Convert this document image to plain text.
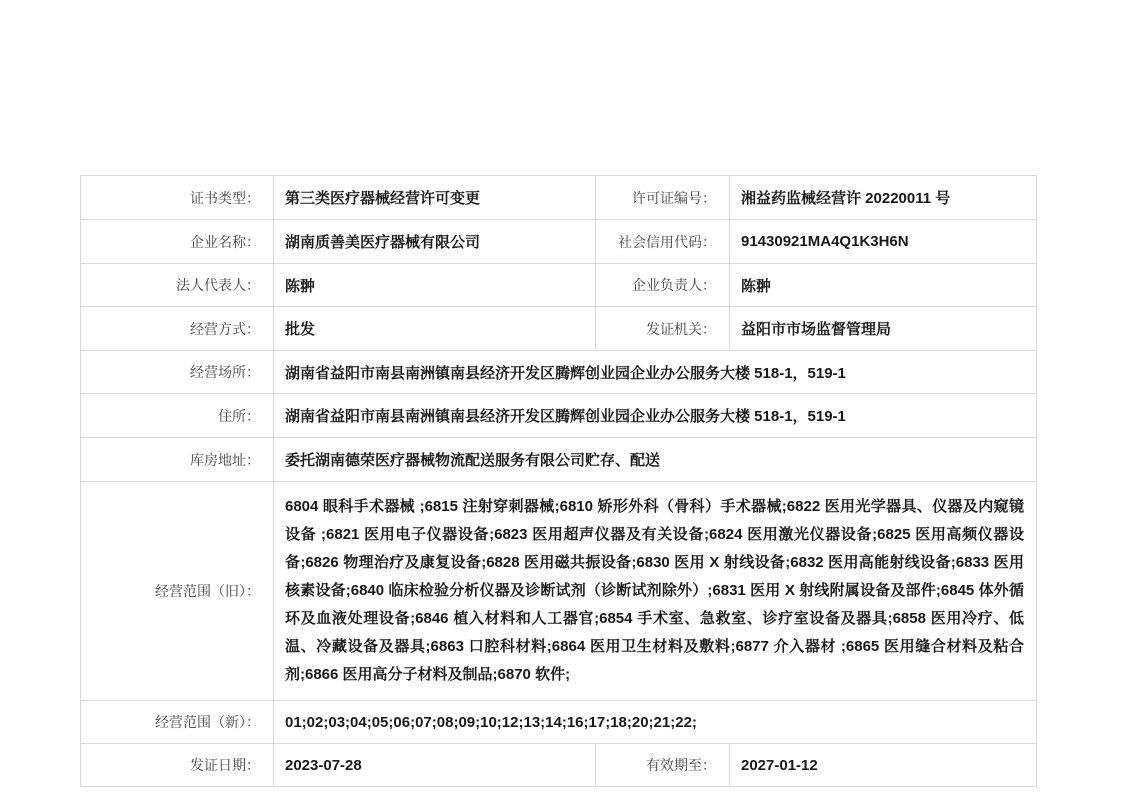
证书类型：	第三类医疗器械经营许可变更	许可证编号：	湘益药监械经营许 20220011 号
企业名称：	湖南质善美医疗器械有限公司	社会信用代码：	91430921MA4Q1K3H6N
法人代表人：	陈翀	企业负责人：	陈翀
经营方式：	批发	发证机关：	益阳市市场监督管理局
经营场所：	湖南省益阳市南县南洲镇南县经济开发区腾辉创业园企业办公服务大楼 518-1，519-1
住所：	湖南省益阳市南县南洲镇南县经济开发区腾辉创业园企业办公服务大楼 518-1，519-1
库房地址：	委托湖南德荣医疗器械物流配送服务有限公司贮存、配送
经营范围（旧）：
6804 眼科手术器械 ;6815 注射穿刺器械;6810 矫形外科（骨科）手术器械;6822 医用光学器具、仪器及内窥镜设备 ;6821 医用电子仪器设备;6823 医用超声仪器及有关设备;6824 医用激光仪器设备;6825 医用高频仪器设备;6826 物理治疗及康复设备;6828 医用磁共振设备;6830 医用 X 射线设备;6832 医用高能射线设备;6833 医用核素设备;6840 临床检验分析仪器及诊断试剂（诊断试剂除外）;6831 医用 X 射线附属设备及部件;6845 体外循环及血液处理设备;6846 植入材料和人工器官;6854 手术室、急救室、诊疗室设备及器具;6858 医用冷疗、低温、冷藏设备及器具;6863 口腔科材料;6864 医用卫生材料及敷料;6877 介入器材 ;6865 医用缝合材料及粘合剂;6866 医用高分子材料及制品;6870 软件;
经营范围（新）：	01;02;03;04;05;06;07;08;09;10;12;13;14;16;17;18;20;21;22;
发证日期：	2023-07-28	有效期至：	2027-01-12
